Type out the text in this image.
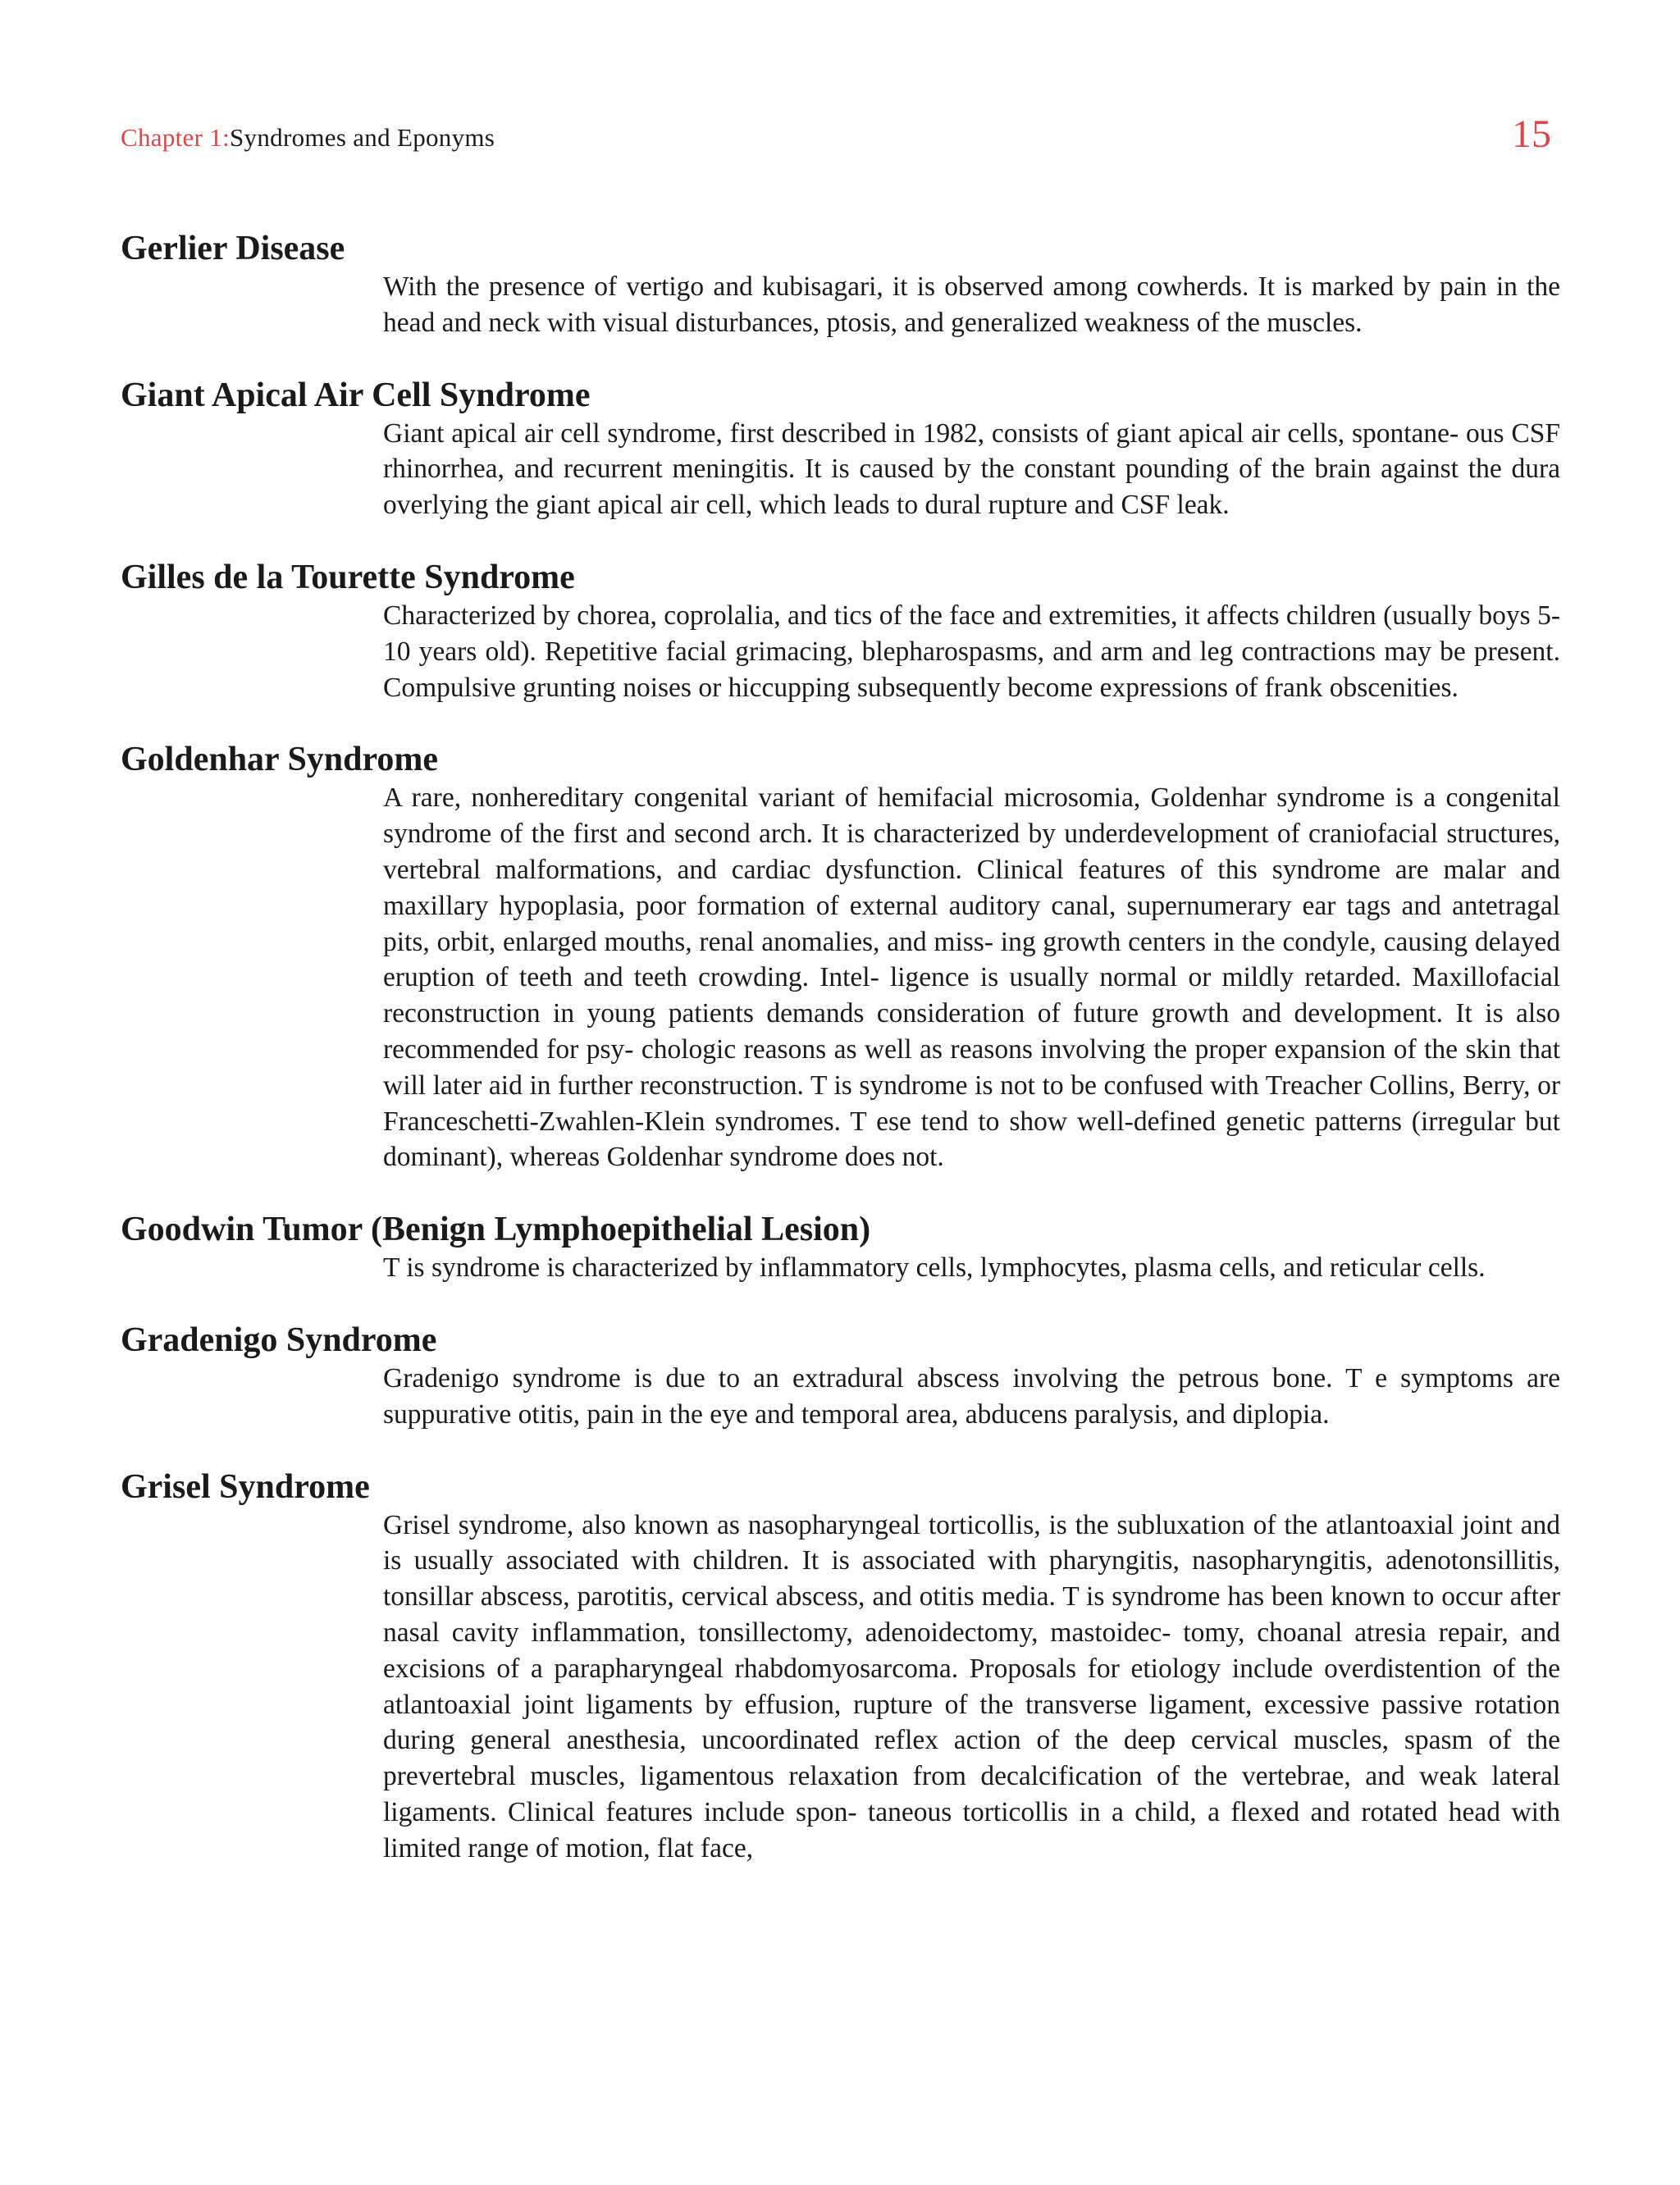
Chapter 1:Syndromes and Eponyms	15
Gerlier Disease

With the presence of vertigo and kubisagari, it is observed among cowherds. It is marked by pain in the head and neck with visual disturbances, ptosis, and generalized weakness of the muscles.

Giant Apical Air Cell Syndrome

Giant apical air cell syndrome, first described in 1982, consists of giant apical air cells, spontane- ous CSF rhinorrhea, and recurrent meningitis. It is caused by the constant pounding of the brain against the dura overlying the giant apical air cell, which leads to dural rupture and CSF leak.

Gilles de la Tourette Syndrome

Characterized by chorea, coprolalia, and tics of the face and extremities, it affects children (usually boys 5-10 years old). Repetitive facial grimacing, blepharospasms, and arm and leg contractions may be present. Compulsive grunting noises or hiccupping subsequently become expressions of frank obscenities.

Goldenhar Syndrome

A rare, nonhereditary congenital variant of hemifacial microsomia, Goldenhar syndrome is a congenital syndrome of the first and second arch. It is characterized by underdevelopment of craniofacial structures, vertebral malformations, and cardiac dysfunction. Clinical features of this syndrome are malar and maxillary hypoplasia, poor formation of external auditory canal, supernumerary ear tags and antetragal pits, orbit, enlarged mouths, renal anomalies, and miss- ing growth centers in the condyle, causing delayed eruption of teeth and teeth crowding. Intel- ligence is usually normal or mildly retarded. Maxillofacial reconstruction in young patients demands consideration of future growth and development. It is also recommended for psy- chologic reasons as well as reasons involving the proper expansion of the skin that will later aid in further reconstruction. T is syndrome is not to be confused with Treacher Collins, Berry, or Franceschetti-Zwahlen-Klein syndromes. T ese tend to show well-defined genetic patterns (irregular but dominant), whereas Goldenhar syndrome does not.

Goodwin Tumor (Benign Lymphoepithelial Lesion)

T is syndrome is characterized by inflammatory cells, lymphocytes, plasma cells, and reticular cells.

Gradenigo Syndrome

Gradenigo syndrome is due to an extradural abscess involving the petrous bone. T e symptoms are suppurative otitis, pain in the eye and temporal area, abducens paralysis, and diplopia.

Grisel Syndrome

Grisel syndrome, also known as nasopharyngeal torticollis, is the subluxation of the atlantoaxial joint and is usually associated with children. It is associated with pharyngitis, nasopharyngitis, adenotonsillitis, tonsillar abscess, parotitis, cervical abscess, and otitis media. T is syndrome has been known to occur after nasal cavity inflammation, tonsillectomy, adenoidectomy, mastoidec- tomy, choanal atresia repair, and excisions of a parapharyngeal rhabdomyosarcoma. Proposals for etiology include overdistention of the atlantoaxial joint ligaments by effusion, rupture of the transverse ligament, excessive passive rotation during general anesthesia, uncoordinated reflex action of the deep cervical muscles, spasm of the prevertebral muscles, ligamentous relaxation from decalcification of the vertebrae, and weak lateral ligaments. Clinical features include spon- taneous torticollis in a child, a flexed and rotated head with limited range of motion, flat face,
